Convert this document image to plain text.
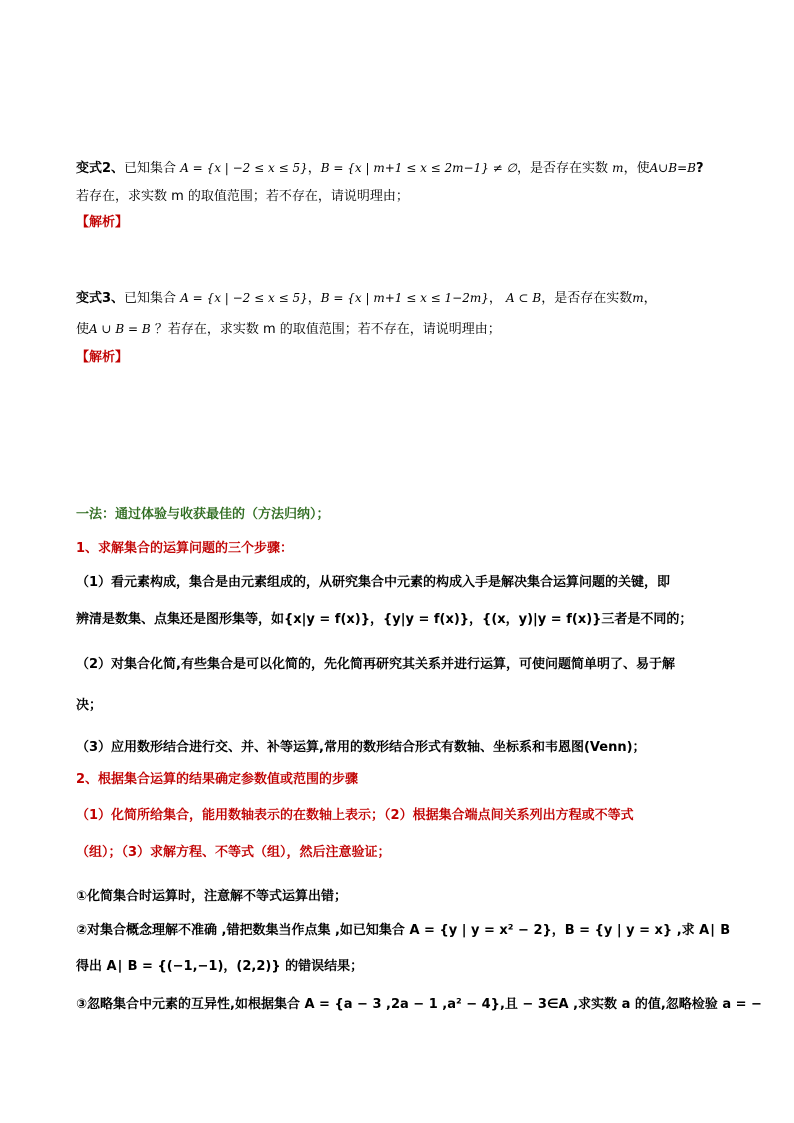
变式2、已知集合 A = {x | −2 ≤ x ≤ 5}，B = {x | m+1 ≤ x ≤ 2m−1} ≠ ∅，是否存在实数 m，使A∪B=B?
若存在，求实数 m 的取值范围；若不存在，请说明理由；
【解析】
变式3、已知集合 A = {x | −2 ≤ x ≤ 5}，B = {x | m+1 ≤ x ≤ 1−2m}， A ⊂ B，是否存在实数m，
使A ∪ B = B ？若存在，求实数 m 的取值范围；若不存在，请说明理由；
【解析】
一法：通过体验与收获最佳的（方法归纳）；
1、求解集合的运算问题的三个步骤：
（1）看元素构成，集合是由元素组成的，从研究集合中元素的构成入手是解决集合运算问题的关键，即
辨清是数集、点集还是图形集等，如{x|y = f(x)}，{y|y = f(x)}，{(x，y)|y = f(x)}三者是不同的；
（2）对集合化简,有些集合是可以化简的，先化简再研究其关系并进行运算，可使问题简单明了、易于解
决；
（3）应用数形结合进行交、并、补等运算,常用的数形结合形式有数轴、坐标系和韦恩图(Venn)；
2、根据集合运算的结果确定参数值或范围的步骤
（1）化简所给集合，能用数轴表示的在数轴上表示；（2）根据集合端点间关系列出方程或不等式
（组）；（3）求解方程、不等式（组），然后注意验证；
①化简集合时运算时，注意解不等式运算出错；
②对集合概念理解不准确 ,错把数集当作点集 ,如已知集合 A = {y | y = x² − 2}，B = {y | y = x} ,求 A∣ B
得出 A∣ B = {(−1,−1)，(2,2)} 的错误结果；
③忽略集合中元素的互异性,如根据集合 A = {a − 3 ,2a − 1 ,a² − 4},且 − 3∈A ,求实数 a 的值,忽略检验 a = −
